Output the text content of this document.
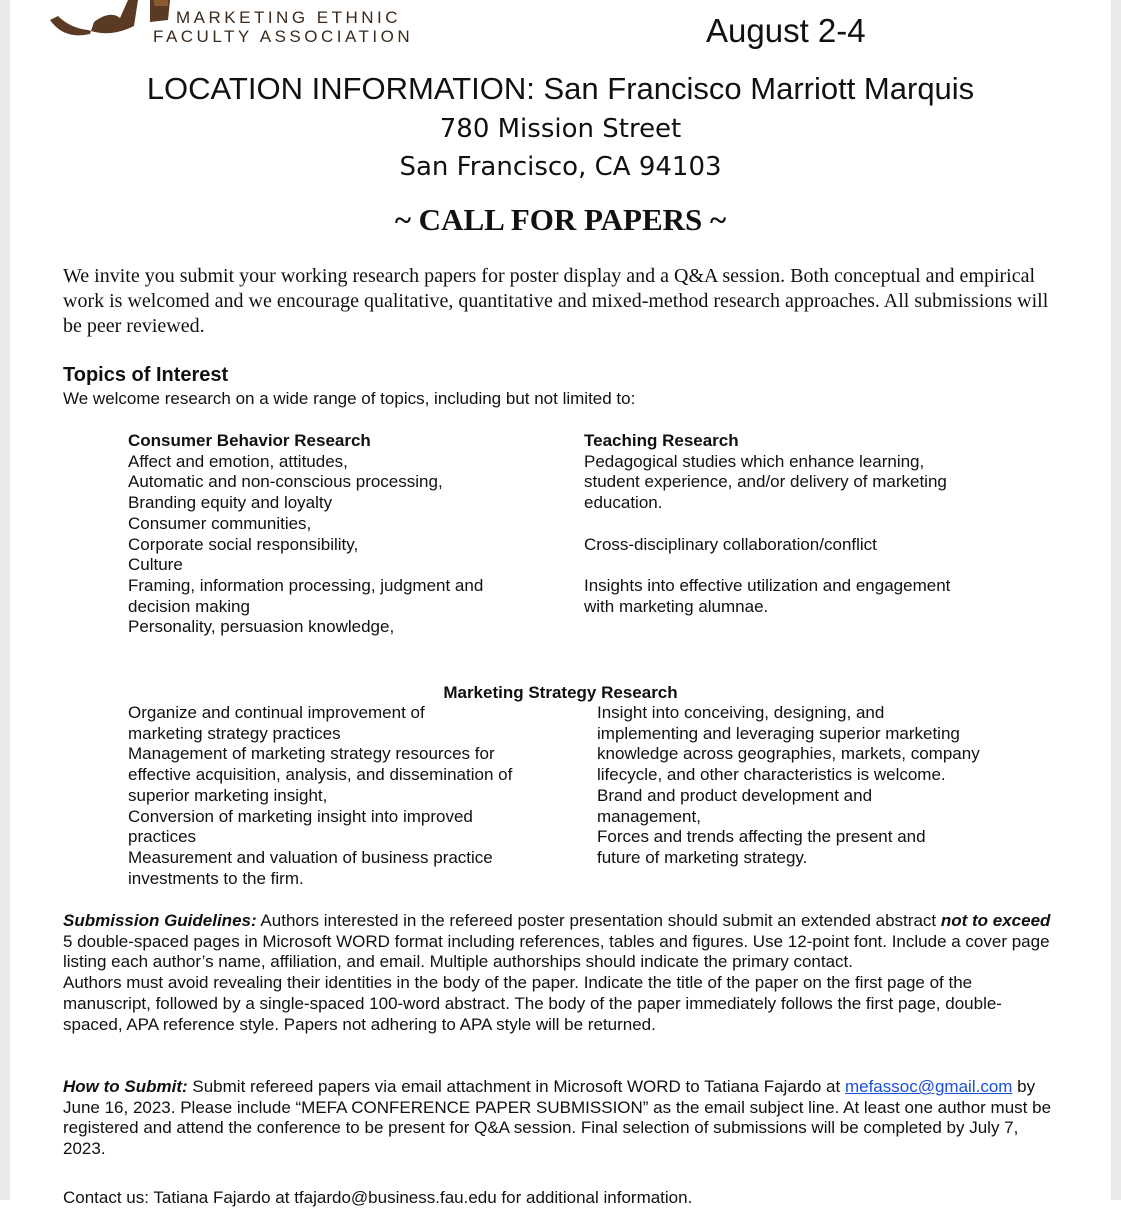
MARKETING ETHNIC
FACULTY ASSOCIATION	August 2-4
LOCATION INFORMATION: San Francisco Marriott Marquis
780 Mission Street
San Francisco, CA 94103
~ CALL FOR PAPERS ~
We invite you submit your working research papers for poster display and a Q&A session. Both conceptual and empirical work is welcomed and we encourage qualitative, quantitative and mixed-method research approaches. All submissions will be peer reviewed.
Topics of Interest
We welcome research on a wide range of topics, including but not limited to:
Consumer Behavior Research
Affect and emotion, attitudes,
Automatic and non-conscious processing,
Branding equity and loyalty
Consumer communities,
Corporate social responsibility,
Culture
Framing, information processing, judgment and decision making
Personality, persuasion knowledge,
Teaching Research
Pedagogical studies which enhance learning, student experience, and/or delivery of marketing education.
Cross-disciplinary collaboration/conflict
Insights into effective utilization and engagement with marketing alumnae.
Marketing Strategy Research
Organize and continual improvement of marketing strategy practices
Management of marketing strategy resources for effective acquisition, analysis, and dissemination of superior marketing insight,
Conversion of marketing insight into improved practices
Measurement and valuation of business practice investments to the firm.
Insight into conceiving, designing, and implementing and leveraging superior marketing knowledge across geographies, markets, company lifecycle, and other characteristics is welcome.
Brand and product development and management,
Forces and trends affecting the present and future of marketing strategy.
Submission Guidelines: Authors interested in the refereed poster presentation should submit an extended abstract not to exceed 5 double-spaced pages in Microsoft WORD format including references, tables and figures. Use 12-point font. Include a cover page listing each author’s name, affiliation, and email. Multiple authorships should indicate the primary contact.
Authors must avoid revealing their identities in the body of the paper. Indicate the title of the paper on the first page of the manuscript, followed by a single-spaced 100-word abstract. The body of the paper immediately follows the first page, double-spaced, APA reference style. Papers not adhering to APA style will be returned.
How to Submit: Submit refereed papers via email attachment in Microsoft WORD to Tatiana Fajardo at mefassoc@gmail.com by June 16, 2023. Please include “MEFA CONFERENCE PAPER SUBMISSION” as the email subject line. At least one author must be registered and attend the conference to be present for Q&A session. Final selection of submissions will be completed by July 7, 2023.
Contact us: Tatiana Fajardo at tfajardo@business.fau.edu for additional information.
